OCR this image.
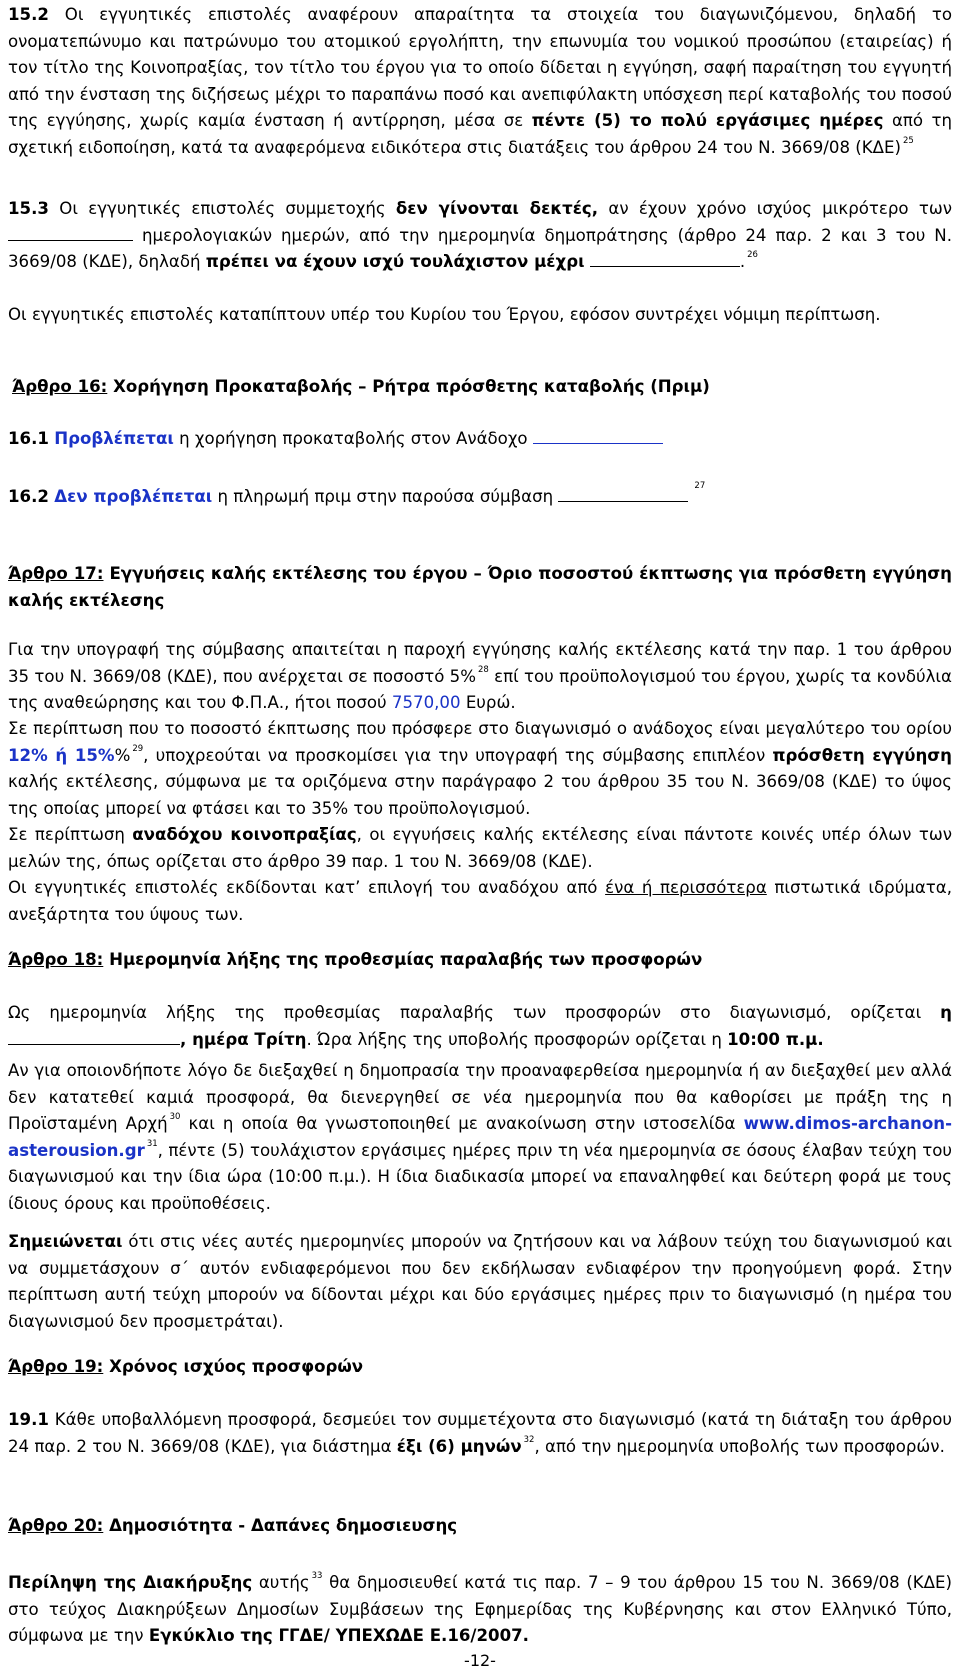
15.2 Οι εγγυητικές επιστολές αναφέρουν απαραίτητα τα στοιχεία του διαγωνιζόμενου, δηλαδή το ονοματεπώνυμο και πατρώνυμο του ατομικού εργολήπτη, την επωνυμία του νομικού προσώπου (εταιρείας) ή τον τίτλο της Κοινοπραξίας, τον τίτλο του έργου για το οποίο δίδεται η εγγύηση, σαφή παραίτηση του εγγυητή από την ένσταση της διζήσεως μέχρι το παραπάνω ποσό και ανεπιφύλακτη υπόσχεση περί καταβολής του ποσού της εγγύησης, χωρίς καμία ένσταση ή αντίρρηση, μέσα σε πέντε (5) το πολύ εργάσιμες ημέρες από τη σχετική ειδοποίηση, κατά τα αναφερόμενα ειδικότερα στις διατάξεις του άρθρου 24 του Ν. 3669/08 (ΚΔΕ) $^{25}$

15.3 Οι εγγυητικές επιστολές συμμετοχής δεν γίνονται δεκτές, αν έχουν χρόνο ισχύος μικρότερο των  ημερολογιακών ημερών, από την ημερομηνία δημοπράτησης (άρθρο 24 παρ. 2 και 3 του Ν. 3669/08 (ΚΔΕ), δηλαδή πρέπει να έχουν ισχύ τουλάχιστον μέχρι	. $^{26}$

Οι εγγυητικές επιστολές καταπίπτουν υπέρ του Κυρίου του Έργου, εφόσον συντρέχει νόμιμη περίπτωση.

Άρθρο 16: Χορήγηση Προκαταβολής – Ρήτρα πρόσθετης καταβολής (Πριμ)

16.1 Προβλέπεται η χορήγηση προκαταβολής στον Ανάδοχο

16.2 Δεν προβλέπεται η πληρωμή πριμ στην παρούσα σύμβαση $^{27}$

Άρθρο 17: Εγγυήσεις καλής εκτέλεσης του έργου – Όριο ποσοστού έκπτωσης για πρόσθετη εγγύηση καλής εκτέλεσης

Για την υπογραφή της σύμβασης απαιτείται η παροχή εγγύησης καλής εκτέλεσης κατά την παρ. 1 του άρθρου 35 του Ν. 3669/08 (ΚΔΕ), που ανέρχεται σε ποσοστό 5% $^{28}$ επί του προϋπολογισμού του έργου, χωρίς τα κονδύλια της αναθεώρησης και του Φ.Π.Α., ήτοι ποσού 7570,00 Ευρώ.

Σε περίπτωση που το ποσοστό έκπτωσης που πρόσφερε στο διαγωνισμό ο ανάδοχος είναι μεγαλύτερο του ορίου 12% ή 15%% $^{29}$, υποχρεούται να προσκομίσει για την υπογραφή της σύμβασης επιπλέον πρόσθετη εγγύηση καλής εκτέλεσης, σύμφωνα με τα οριζόμενα στην παράγραφο 2 του άρθρου 35 του Ν. 3669/08 (ΚΔΕ) το ύψος της οποίας μπορεί να φτάσει και το 35% του προϋπολογισμού.

Σε περίπτωση αναδόχου κοινοπραξίας, οι εγγυήσεις καλής εκτέλεσης είναι πάντοτε κοινές υπέρ όλων των μελών της, όπως ορίζεται στο άρθρο 39 παρ. 1 του Ν. 3669/08 (ΚΔΕ).

Οι εγγυητικές επιστολές εκδίδονται κατ’ επιλογή του αναδόχου από ένα ή περισσότερα πιστωτικά ιδρύματα, ανεξάρτητα του ύψους των.

Άρθρο 18: Ημερομηνία λήξης της προθεσμίας παραλαβής των προσφορών

Ως ημερομηνία λήξης της προθεσμίας παραλαβής των προσφορών στο διαγωνισμό, ορίζεται η , ημέρα Τρίτη. Ώρα λήξης της υποβολής προσφορών ορίζεται η 10:00 π.μ.

Αν για οποιονδήποτε λόγο δε διεξαχθεί η δημοπρασία την προαναφερθείσα ημερομηνία ή αν διεξαχθεί μεν αλλά δεν κατατεθεί καμιά προσφορά, θα διενεργηθεί σε νέα ημερομηνία που θα καθορίσει με πράξη της η Προϊσταμένη Αρχή $^{30}$ και η οποία θα γνωστοποιηθεί με ανακοίνωση στην ιστοσελίδα www.dimos-archanon-asterousion.gr $^{31}$, πέντε (5) τουλάχιστον εργάσιμες ημέρες πριν τη νέα ημερομηνία σε όσους έλαβαν τεύχη του διαγωνισμού και την ίδια ώρα (10:00 π.μ.). Η ίδια διαδικασία μπορεί να επαναληφθεί και δεύτερη φορά με τους ίδιους όρους και προϋποθέσεις.

Σημειώνεται ότι στις νέες αυτές ημερομηνίες μπορούν να ζητήσουν και να λάβουν τεύχη του διαγωνισμού και να συμμετάσχουν σ΄ αυτόν ενδιαφερόμενοι που δεν εκδήλωσαν ενδιαφέρον την προηγούμενη φορά. Στην περίπτωση αυτή τεύχη μπορούν να δίδονται μέχρι και δύο εργάσιμες ημέρες πριν το διαγωνισμό (η ημέρα του διαγωνισμού δεν προσμετράται).

Άρθρο 19: Χρόνος ισχύος προσφορών

19.1 Κάθε υποβαλλόμενη προσφορά, δεσμεύει τον συμμετέχοντα στο διαγωνισμό (κατά τη διάταξη του άρθρου 24 παρ. 2 του Ν. 3669/08 (ΚΔΕ), για διάστημα έξι (6) μηνών $^{32}$, από την ημερομηνία υποβολής των προσφορών.

Άρθρο 20: Δημοσιότητα - Δαπάνες δημοσιευσης

Περίληψη της Διακήρυξης αυτής $^{33}$ θα δημοσιευθεί κατά τις παρ. 7 – 9 του άρθρου 15 του Ν. 3669/08 (ΚΔΕ) στο τεύχος Διακηρύξεων Δημοσίων Συμβάσεων της Εφημερίδας της Κυβέρνησης και στον Ελληνικό Τύπο, σύμφωνα με την Εγκύκλιο της ΓΓΔΕ/ ΥΠΕΧΩΔΕ Ε.16/2007.

-12-
